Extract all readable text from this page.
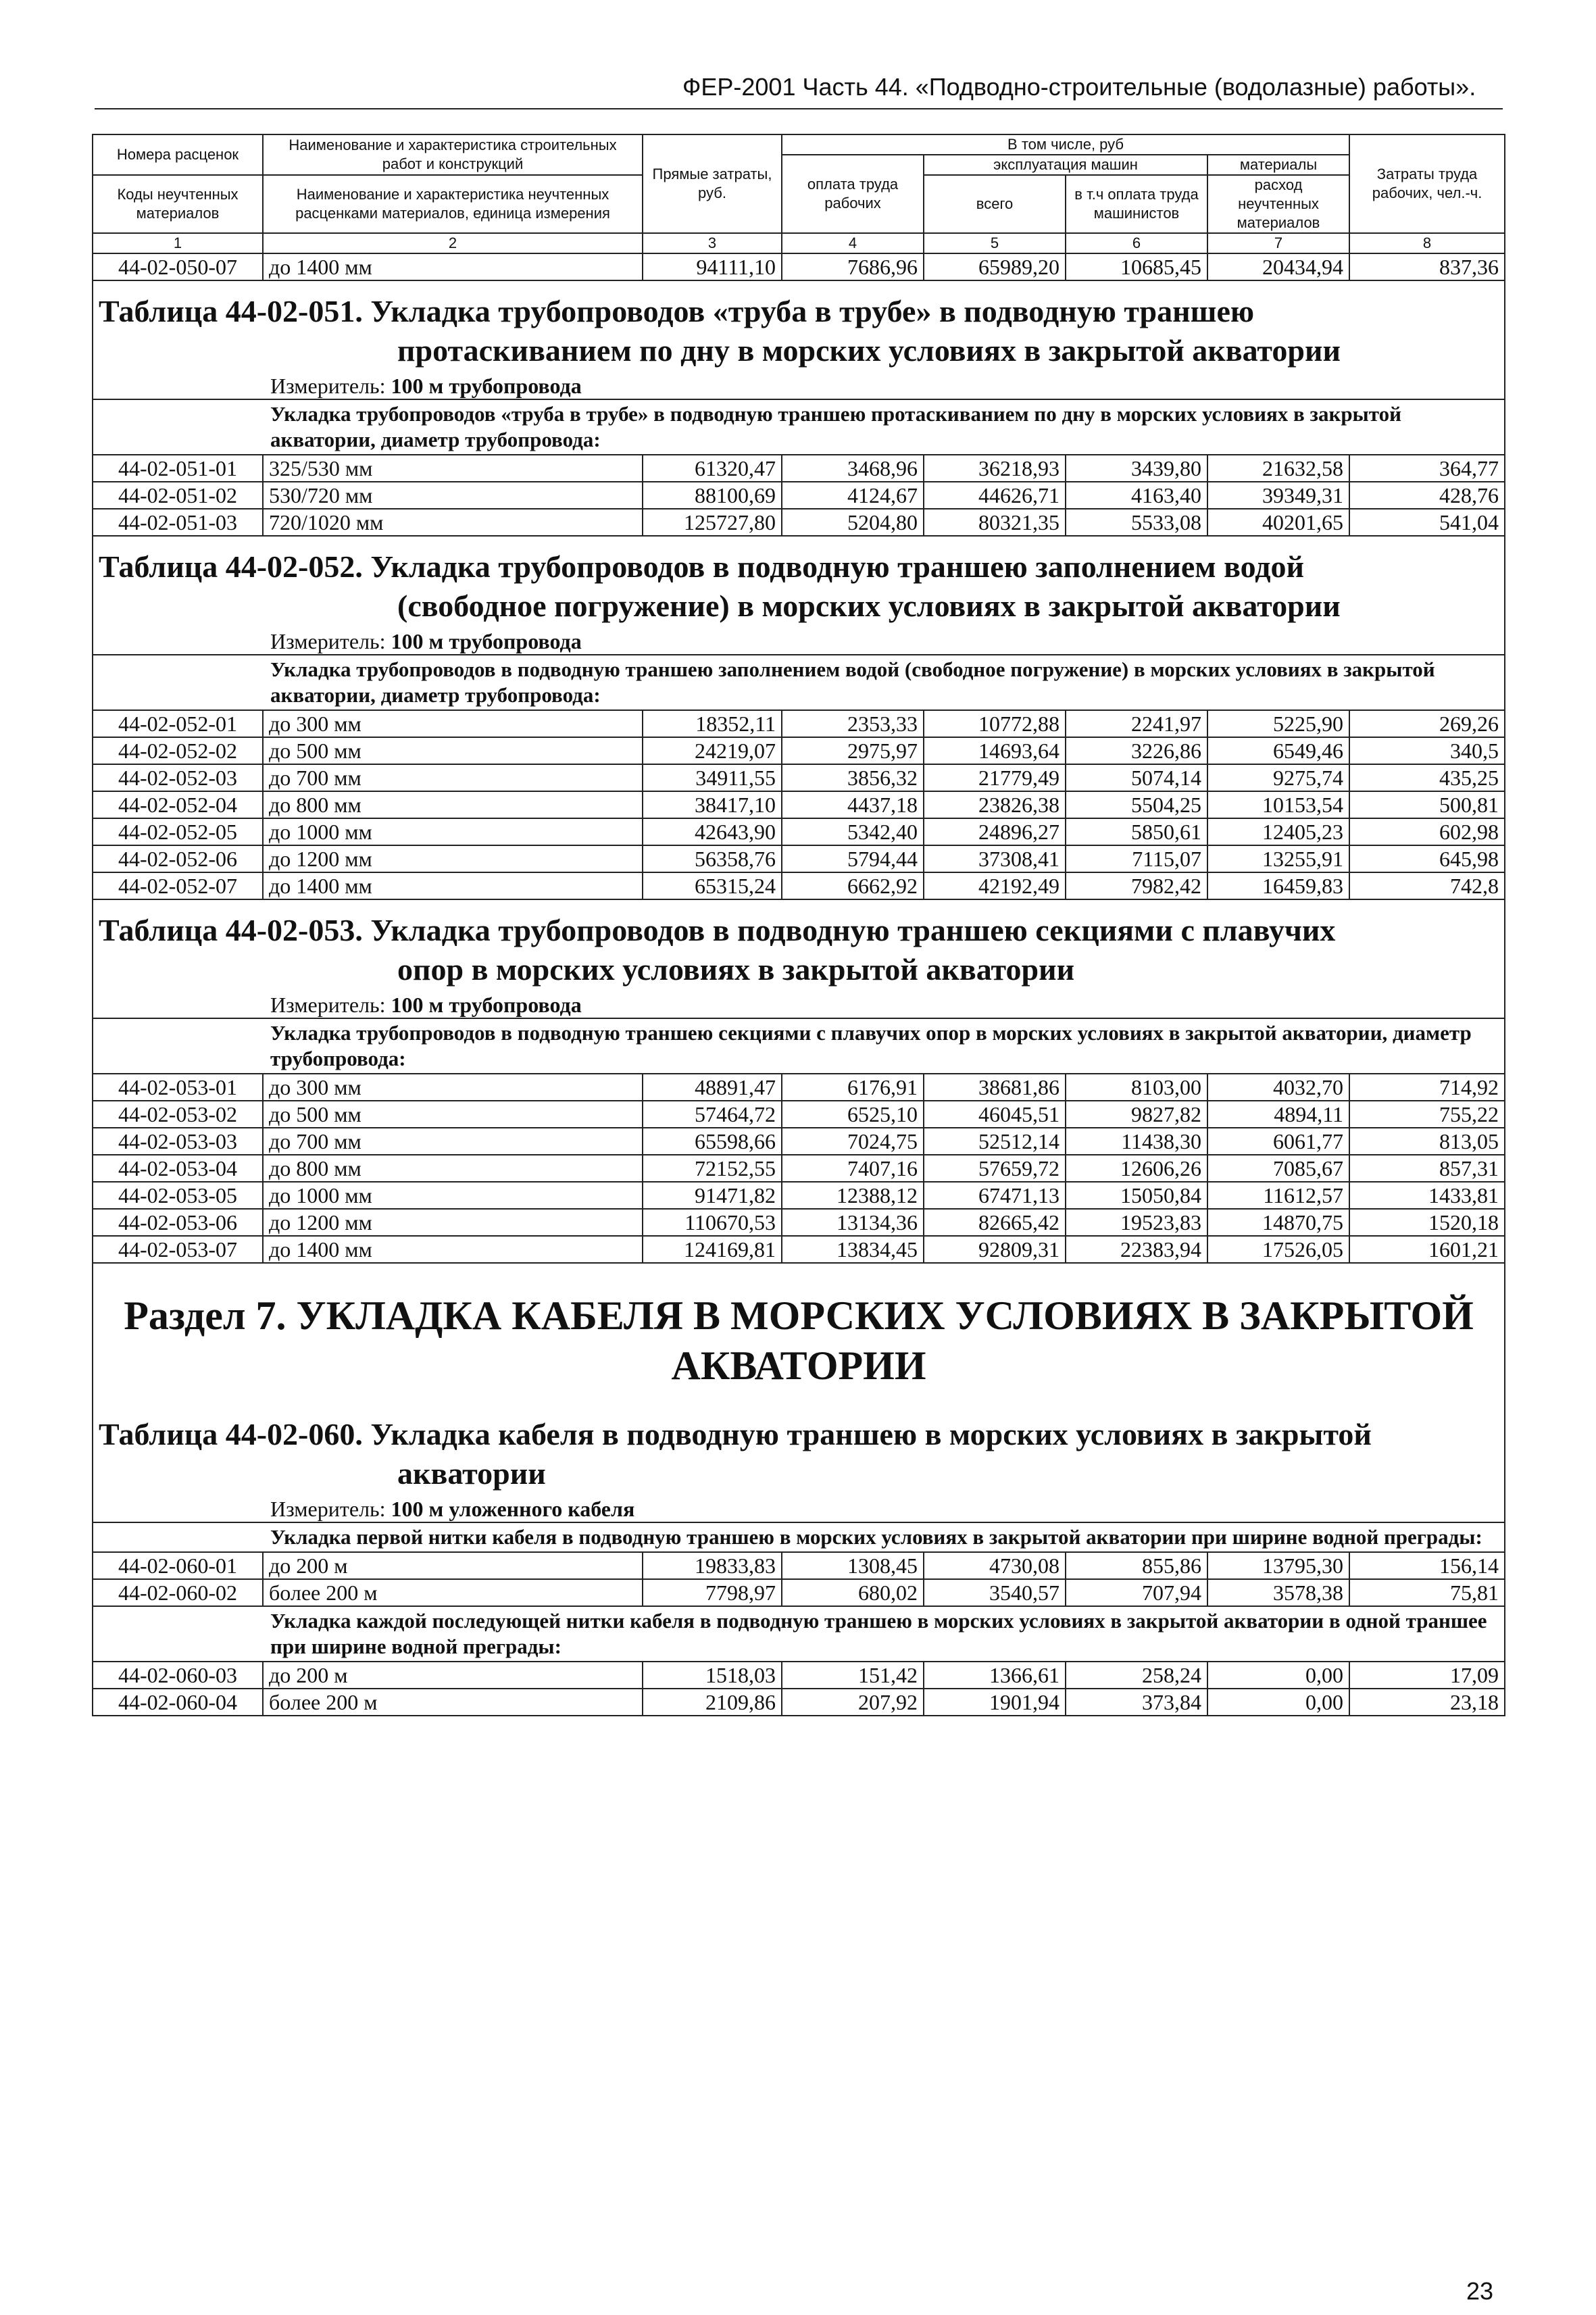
ФЕР-2001 Часть 44. «Подводно-строительные (водолазные) работы».
Номера расценок	Наименование и характеристика строительных работ и конструкций	Прямые затраты, руб.	В том числе, руб				Затраты труда рабочих, чел.-ч.
			оплата труда рабочих	эксплуатация машин		материалы	
Коды неучтенных материалов	Наименование и характеристика неучтенных расценками материалов, единица измерения			всего	в т.ч оплата труда машинистов	расход неучтенных материалов	

1	2	3	4	5	6	7	8
44-02-050-07	до 1400 мм	94111,10	7686,96	65989,20	10685,45	20434,94	837,36

Таблица 44-02-051. Укладка трубопроводов «труба в трубе» в подводную траншею
протаскиванием по дну в морских условиях в закрытой акватории							

Измеритель: 100 м трубопровода							
Укладка трубопроводов «труба в трубе» в подводную траншею протаскиванием по дну в морских условиях в закрытой акватории, диаметр трубопровода:							
44-02-051-01	325/530 мм	61320,47	3468,96	36218,93	3439,80	21632,58	364,77
44-02-051-02	530/720 мм	88100,69	4124,67	44626,71	4163,40	39349,31	428,76
44-02-051-03	720/1020 мм	125727,80	5204,80	80321,35	5533,08	40201,65	541,04

Таблица 44-02-052. Укладка трубопроводов в подводную траншею заполнением водой
(свободное погружение) в морских условиях в закрытой акватории							

Измеритель: 100 м трубопровода							
Укладка трубопроводов в подводную траншею заполнением водой (свободное погружение) в морских условиях в закрытой акватории, диаметр трубопровода:							
44-02-052-01	до 300 мм	18352,11	2353,33	10772,88	2241,97	5225,90	269,26
44-02-052-02	до 500 мм	24219,07	2975,97	14693,64	3226,86	6549,46	340,5
44-02-052-03	до 700 мм	34911,55	3856,32	21779,49	5074,14	9275,74	435,25
44-02-052-04	до 800 мм	38417,10	4437,18	23826,38	5504,25	10153,54	500,81
44-02-052-05	до 1000 мм	42643,90	5342,40	24896,27	5850,61	12405,23	602,98
44-02-052-06	до 1200 мм	56358,76	5794,44	37308,41	7115,07	13255,91	645,98
44-02-052-07	до 1400 мм	65315,24	6662,92	42192,49	7982,42	16459,83	742,8

Таблица 44-02-053. Укладка трубопроводов в подводную траншею секциями с плавучих
опор в морских условиях в закрытой акватории							

Измеритель: 100 м трубопровода							
Укладка трубопроводов в подводную траншею секциями с плавучих опор в морских условиях в закрытой акватории, диаметр трубопровода:							
44-02-053-01	до 300 мм	48891,47	6176,91	38681,86	8103,00	4032,70	714,92
44-02-053-02	до 500 мм	57464,72	6525,10	46045,51	9827,82	4894,11	755,22
44-02-053-03	до 700 мм	65598,66	7024,75	52512,14	11438,30	6061,77	813,05
44-02-053-04	до 800 мм	72152,55	7407,16	57659,72	12606,26	7085,67	857,31
44-02-053-05	до 1000 мм	91471,82	12388,12	67471,13	15050,84	11612,57	1433,81
44-02-053-06	до 1200 мм	110670,53	13134,36	82665,42	19523,83	14870,75	1520,18
44-02-053-07	до 1400 мм	124169,81	13834,45	92809,31	22383,94	17526,05	1601,21

Раздел 7. УКЛАДКА КАБЕЛЯ В МОРСКИХ УСЛОВИЯХ В ЗАКРЫТОЙ
АКВАТОРИИ							

Таблица 44-02-060. Укладка кабеля в подводную траншею в морских условиях в закрытой
акватории							

Измеритель: 100 м уложенного кабеля							
Укладка первой нитки кабеля в подводную траншею в морских условиях в закрытой акватории при ширине водной преграды:							
44-02-060-01	до 200 м	19833,83	1308,45	4730,08	855,86	13795,30	156,14
44-02-060-02	более 200 м	7798,97	680,02	3540,57	707,94	3578,38	75,81
Укладка каждой последующей нитки кабеля в подводную траншею в морских условиях в закрытой акватории в одной траншее при ширине водной преграды:							
44-02-060-03	до 200 м	1518,03	151,42	1366,61	258,24	0,00	17,09
44-02-060-04	более 200 м	2109,86	207,92	1901,94	373,84	0,00	23,18
23
